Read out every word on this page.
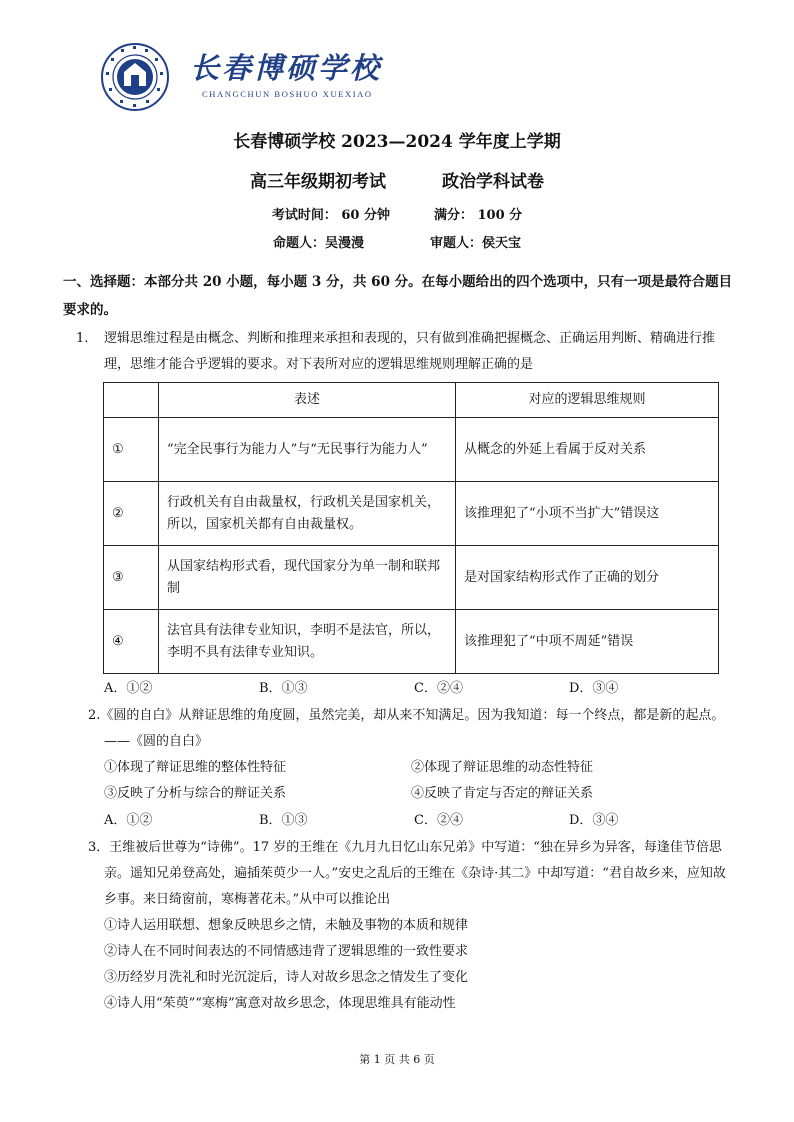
长春博硕学校
CHANGCHUN BOSHUO XUEXIAO
长春博硕学校 2023—2024 学年度上学期
高三年级期初考试	政治学科试卷
考试时间： 60 分钟	满分： 100 分
命题人：吴漫漫	审题人：侯天宝
一、选择题：本部分共 20 小题，每小题 3 分，共 60 分。在每小题给出的四个选项中，只有一项是最符合题目要求的。
1. 逻辑思维过程是由概念、判断和推理来承担和表现的，只有做到准确把握概念、正确运用判断、精确进行推理，思维才能合乎逻辑的要求。对下表所对应的逻辑思维规则理解正确的是
	表述	对应的逻辑思维规则
①	“完全民事行为能力人”与“无民事行为能力人”	从概念的外延上看属于反对关系
②	行政机关有自由裁量权，行政机关是国家机关，所以，国家机关都有自由裁量权。	该推理犯了“小项不当扩大”错误这
③	从国家结构形式看，现代国家分为单一制和联邦制	是对国家结构形式作了正确的划分
④	法官具有法律专业知识，李明不是法官，所以，李明不具有法律专业知识。	该推理犯了“中项不周延”错误
A．①②	B．①③	C．②④	D．③④
2.《圆的自白》从辩证思维的角度圆，虽然完美，却从来不知满足。因为我知道：每一个终点，都是新的起点。——《圆的自白》
①体现了辩证思维的整体性特征	②体现了辩证思维的动态性特征
③反映了分析与综合的辩证关系	④反映了肯定与否定的辩证关系
A．①②	B．①③	C．②④	D．③④
3．王维被后世尊为“诗佛”。17 岁的王维在《九月九日忆山东兄弟》中写道：“独在异乡为异客，每逢佳节倍思亲。遥知兄弟登高处，遍插茱萸少一人。”安史之乱后的王维在《杂诗·其二》中却写道：“君自故乡来，应知故乡事。来日绮窗前，寒梅著花未。”从中可以推论出
①诗人运用联想、想象反映思乡之情，未触及事物的本质和规律
②诗人在不同时间表达的不同情感违背了逻辑思维的一致性要求
③历经岁月洗礼和时光沉淀后，诗人对故乡思念之情发生了变化
④诗人用“茱萸”“寒梅”寓意对故乡思念，体现思维具有能动性
第 1 页 共 6 页
